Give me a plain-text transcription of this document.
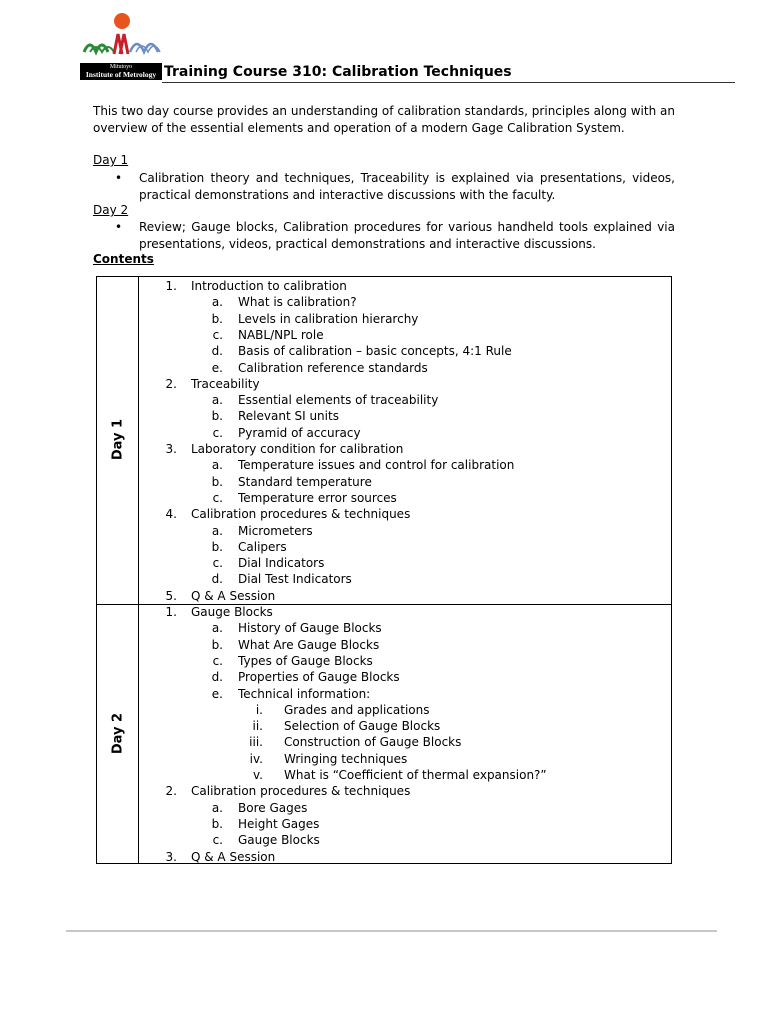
Mitutoyo
Institute of Metrology Training Course 310: Calibration Techniques
This two day course provides an understanding of calibration standards, principles along with an overview of the essential elements and operation of a modern Gage Calibration System.
Day 1
• Calibration theory and techniques, Traceability is explained via presentations, videos, practical demonstrations and interactive discussions with the faculty.
Day 2
• Review; Gauge blocks, Calibration procedures for various handheld tools explained via presentations, videos, practical demonstrations and interactive discussions.
Contents
Day 1
Day 2
1. Introduction to calibration
a. What is calibration?
b. Levels in calibration hierarchy
c. NABL/NPL role
d. Basis of calibration – basic concepts, 4:1 Rule
e. Calibration reference standards
2. Traceability
a. Essential elements of traceability
b. Relevant SI units
c. Pyramid of accuracy
3. Laboratory condition for calibration
a. Temperature issues and control for calibration
b. Standard temperature
c. Temperature error sources
4. Calibration procedures & techniques
a. Micrometers
b. Calipers
c. Dial Indicators
d. Dial Test Indicators
5. Q & A Session
1. Gauge Blocks
a. History of Gauge Blocks
b. What Are Gauge Blocks
c. Types of Gauge Blocks
d. Properties of Gauge Blocks
e. Technical information:
i. Grades and applications
ii. Selection of Gauge Blocks
iii. Construction of Gauge Blocks
iv. Wringing techniques
v. What is “Coefficient of thermal expansion?”
2. Calibration procedures & techniques
a. Bore Gages
b. Height Gages
c. Gauge Blocks
3. Q & A Session
